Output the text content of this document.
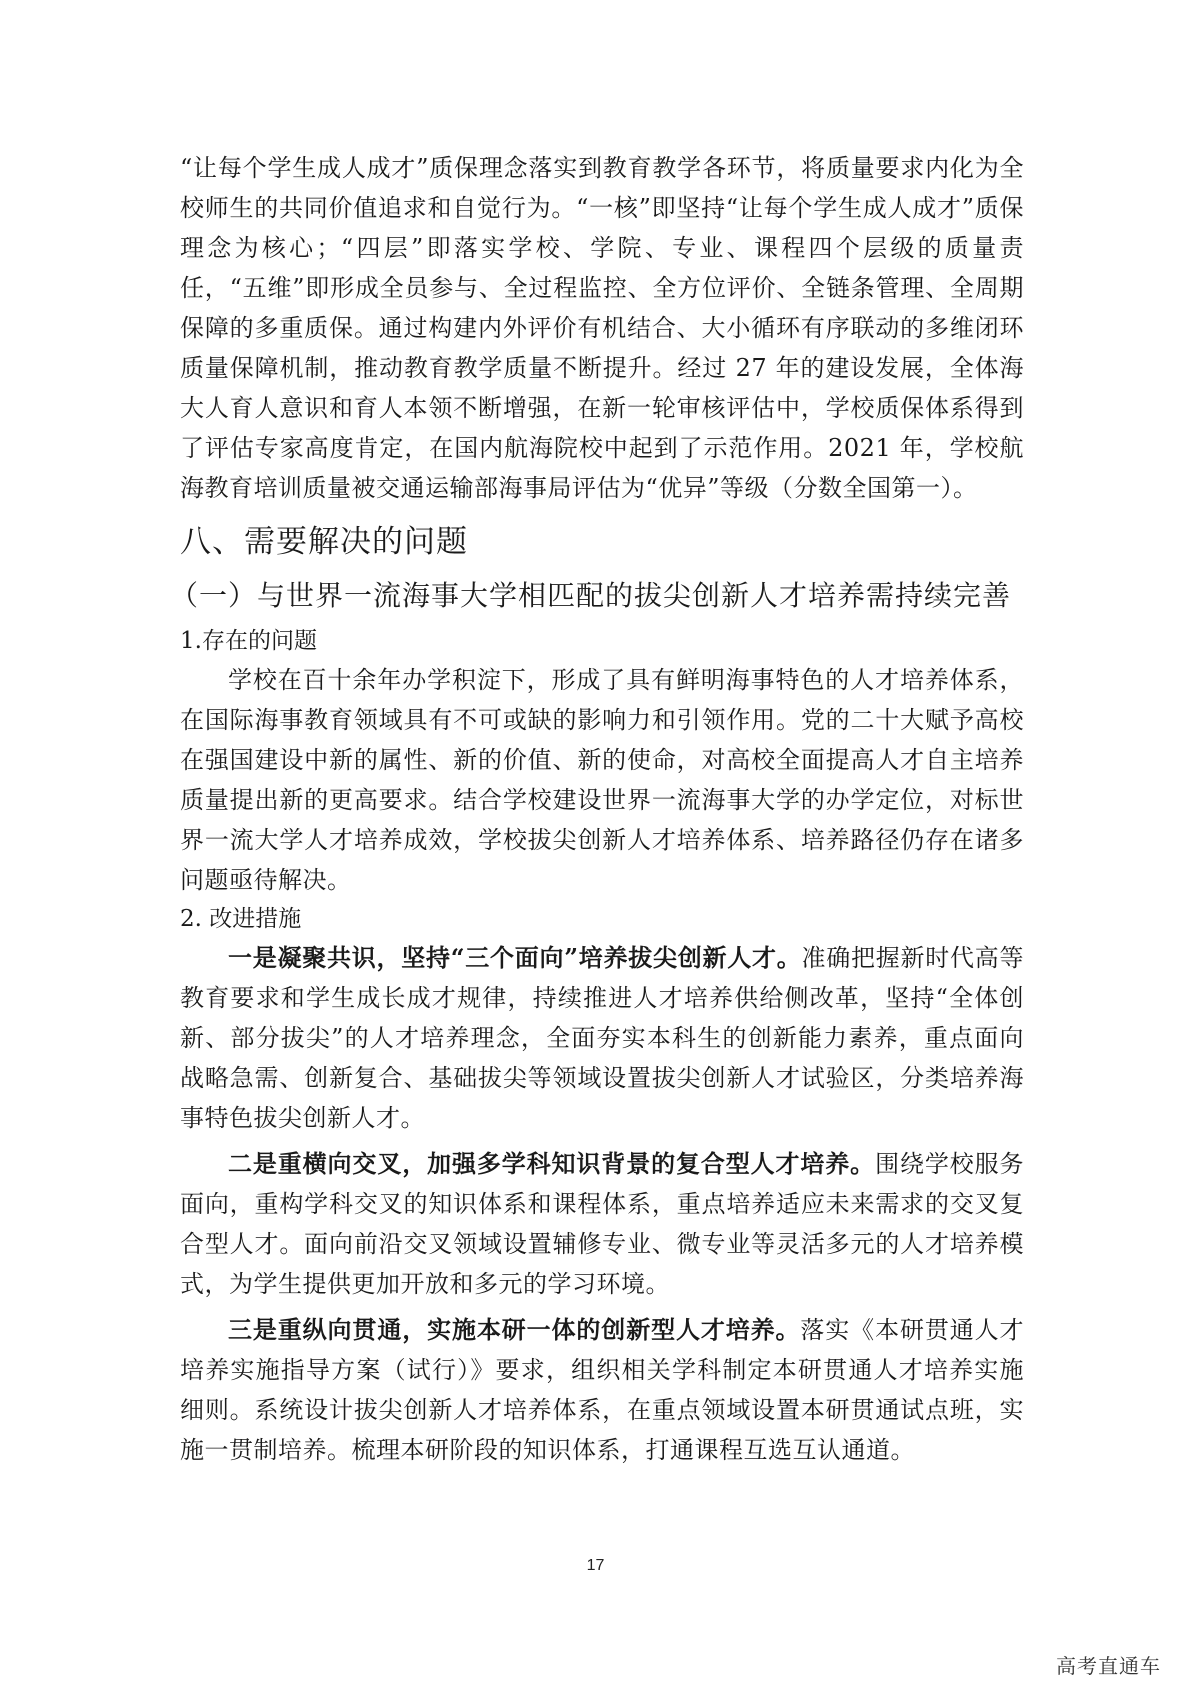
“让每个学生成人成才”质保理念落实到教育教学各环节，将质量要求内化为全校师生的共同价值追求和自觉行为。“一核”即坚持“让每个学生成人成才”质保理念为核心；“四层”即落实学校、学院、专业、课程四个层级的质量责任，“五维”即形成全员参与、全过程监控、全方位评价、全链条管理、全周期保障的多重质保。通过构建内外评价有机结合、大小循环有序联动的多维闭环质量保障机制，推动教育教学质量不断提升。经过 27 年的建设发展，全体海大人育人意识和育人本领不断增强，在新一轮审核评估中，学校质保体系得到了评估专家高度肯定，在国内航海院校中起到了示范作用。2021 年，学校航海教育培训质量被交通运输部海事局评估为“优异”等级（分数全国第一）。

八、需要解决的问题
（一）与世界一流海事大学相匹配的拔尖创新人才培养需持续完善

1.存在的问题

学校在百十余年办学积淀下，形成了具有鲜明海事特色的人才培养体系，在国际海事教育领域具有不可或缺的影响力和引领作用。党的二十大赋予高校在强国建设中新的属性、新的价值、新的使命，对高校全面提高人才自主培养质量提出新的更高要求。结合学校建设世界一流海事大学的办学定位，对标世界一流大学人才培养成效，学校拔尖创新人才培养体系、培养路径仍存在诸多问题亟待解决。

2. 改进措施

一是凝聚共识，坚持“三个面向”培养拔尖创新人才。准确把握新时代高等教育要求和学生成长成才规律，持续推进人才培养供给侧改革，坚持“全体创新、部分拔尖”的人才培养理念，全面夯实本科生的创新能力素养，重点面向战略急需、创新复合、基础拔尖等领域设置拔尖创新人才试验区，分类培养海事特色拔尖创新人才。

二是重横向交叉，加强多学科知识背景的复合型人才培养。围绕学校服务面向，重构学科交叉的知识体系和课程体系，重点培养适应未来需求的交叉复合型人才。面向前沿交叉领域设置辅修专业、微专业等灵活多元的人才培养模式，为学生提供更加开放和多元的学习环境。

三是重纵向贯通，实施本研一体的创新型人才培养。落实《本研贯通人才培养实施指导方案（试行）》要求，组织相关学科制定本研贯通人才培养实施细则。系统设计拔尖创新人才培养体系，在重点领域设置本研贯通试点班，实施一贯制培养。梳理本研阶段的知识体系，打通课程互选互认通道。

17
高考直通车
